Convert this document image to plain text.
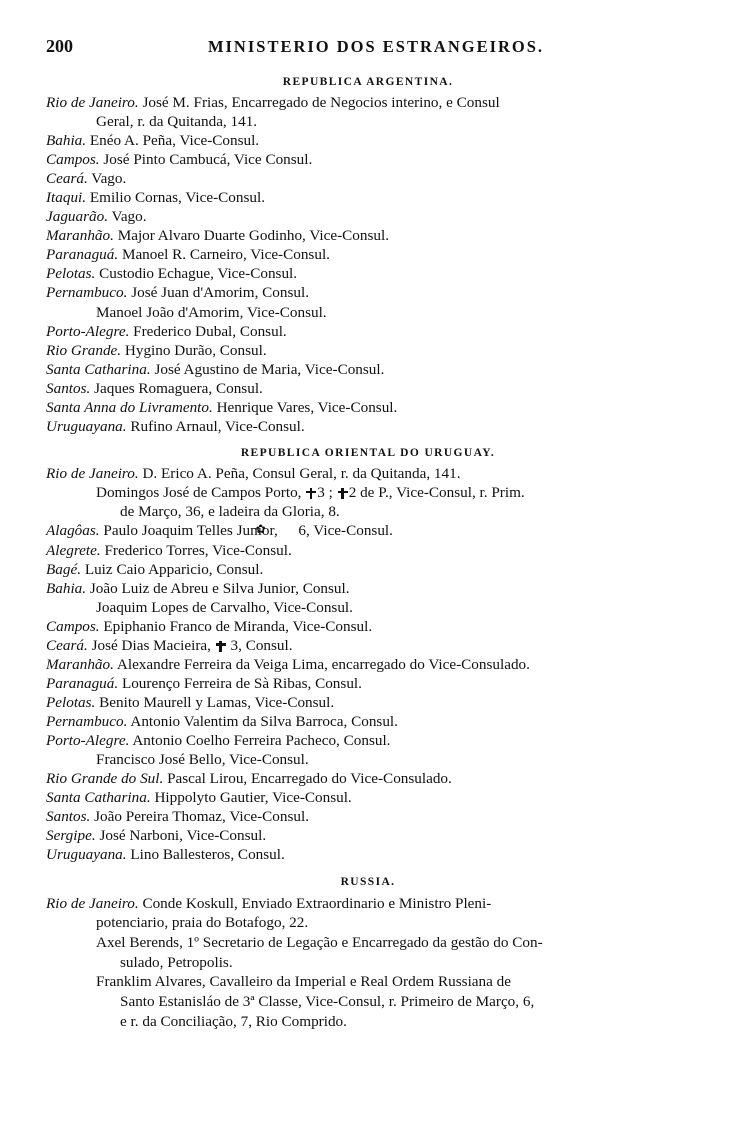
200	MINISTERIO DOS ESTRANGEIROS.
REPUBLICA ARGENTINA.
Rio de Janeiro. José M. Frias, Encarregado de Negocios interino, e Consul
Geral, r. da Quitanda, 141.
Bahia. Enéo A. Peña, Vice-Consul.
Campos. José Pinto Cambucá, Vice Consul.
Ceará. Vago.
Itaqui. Emilio Cornas, Vice-Consul.
Jaguarão. Vago.
Maranhão. Major Alvaro Duarte Godinho, Vice-Consul.
Paranaguá. Manoel R. Carneiro, Vice-Consul.
Pelotas. Custodio Echague, Vice-Consul.
Pernambuco. José Juan d'Amorim, Consul.
Manoel João d'Amorim, Vice-Consul.
Porto-Alegre. Frederico Dubal, Consul.
Rio Grande. Hygino Durão, Consul.
Santa Catharina. José Agustino de Maria, Vice-Consul.
Santos. Jaques Romaguera, Consul.
Santa Anna do Livramento. Henrique Vares, Vice-Consul.
Uruguayana. Rufino Arnaul, Vice-Consul.
REPUBLICA ORIENTAL DO URUGUAY.
Rio de Janeiro. D. Erico A. Peña, Consul Geral, r. da Quitanda, 141.
Domingos José de Campos Porto, 3 ; 2 de P., Vice-Consul, r. Prim.
de Março, 36, e ladeira da Gloria, 8.
Alagôas. Paulo Joaquim Telles Junior, ✿ 6, Vice-Consul.
Alegrete. Frederico Torres, Vice-Consul.
Bagé. Luiz Caio Apparicio, Consul.
Bahia. João Luiz de Abreu e Silva Junior, Consul.
Joaquim Lopes de Carvalho, Vice-Consul.
Campos. Epiphanio Franco de Miranda, Vice-Consul.
Ceará. José Dias Macieira,  3, Consul.
Maranhão. Alexandre Ferreira da Veiga Lima, encarregado do Vice-Consulado.
Paranaguá. Lourenço Ferreira de Sà Ribas, Consul.
Pelotas. Benito Maurell y Lamas, Vice-Consul.
Pernambuco. Antonio Valentim da Silva Barroca, Consul.
Porto-Alegre. Antonio Coelho Ferreira Pacheco, Consul.
Francisco José Bello, Vice-Consul.
Rio Grande do Sul. Pascal Lirou, Encarregado do Vice-Consulado.
Santa Catharina. Hippolyto Gautier, Vice-Consul.
Santos. João Pereira Thomaz, Vice-Consul.
Sergipe. José Narboni, Vice-Consul.
Uruguayana. Lino Ballesteros, Consul.
RUSSIA.
Rio de Janeiro. Conde Koskull, Enviado Extraordinario e Ministro Pleni-
potenciario, praia do Botafogo, 22.
Axel Berends, 1º Secretario de Legação e Encarregado da gestão do Con-
sulado, Petropolis.
Franklim Alvares, Cavalleiro da Imperial e Real Ordem Russiana de
Santo Estanisláo de 3ª Classe, Vice-Consul, r. Primeiro de Março, 6,
e r. da Conciliação, 7, Rio Comprido.
